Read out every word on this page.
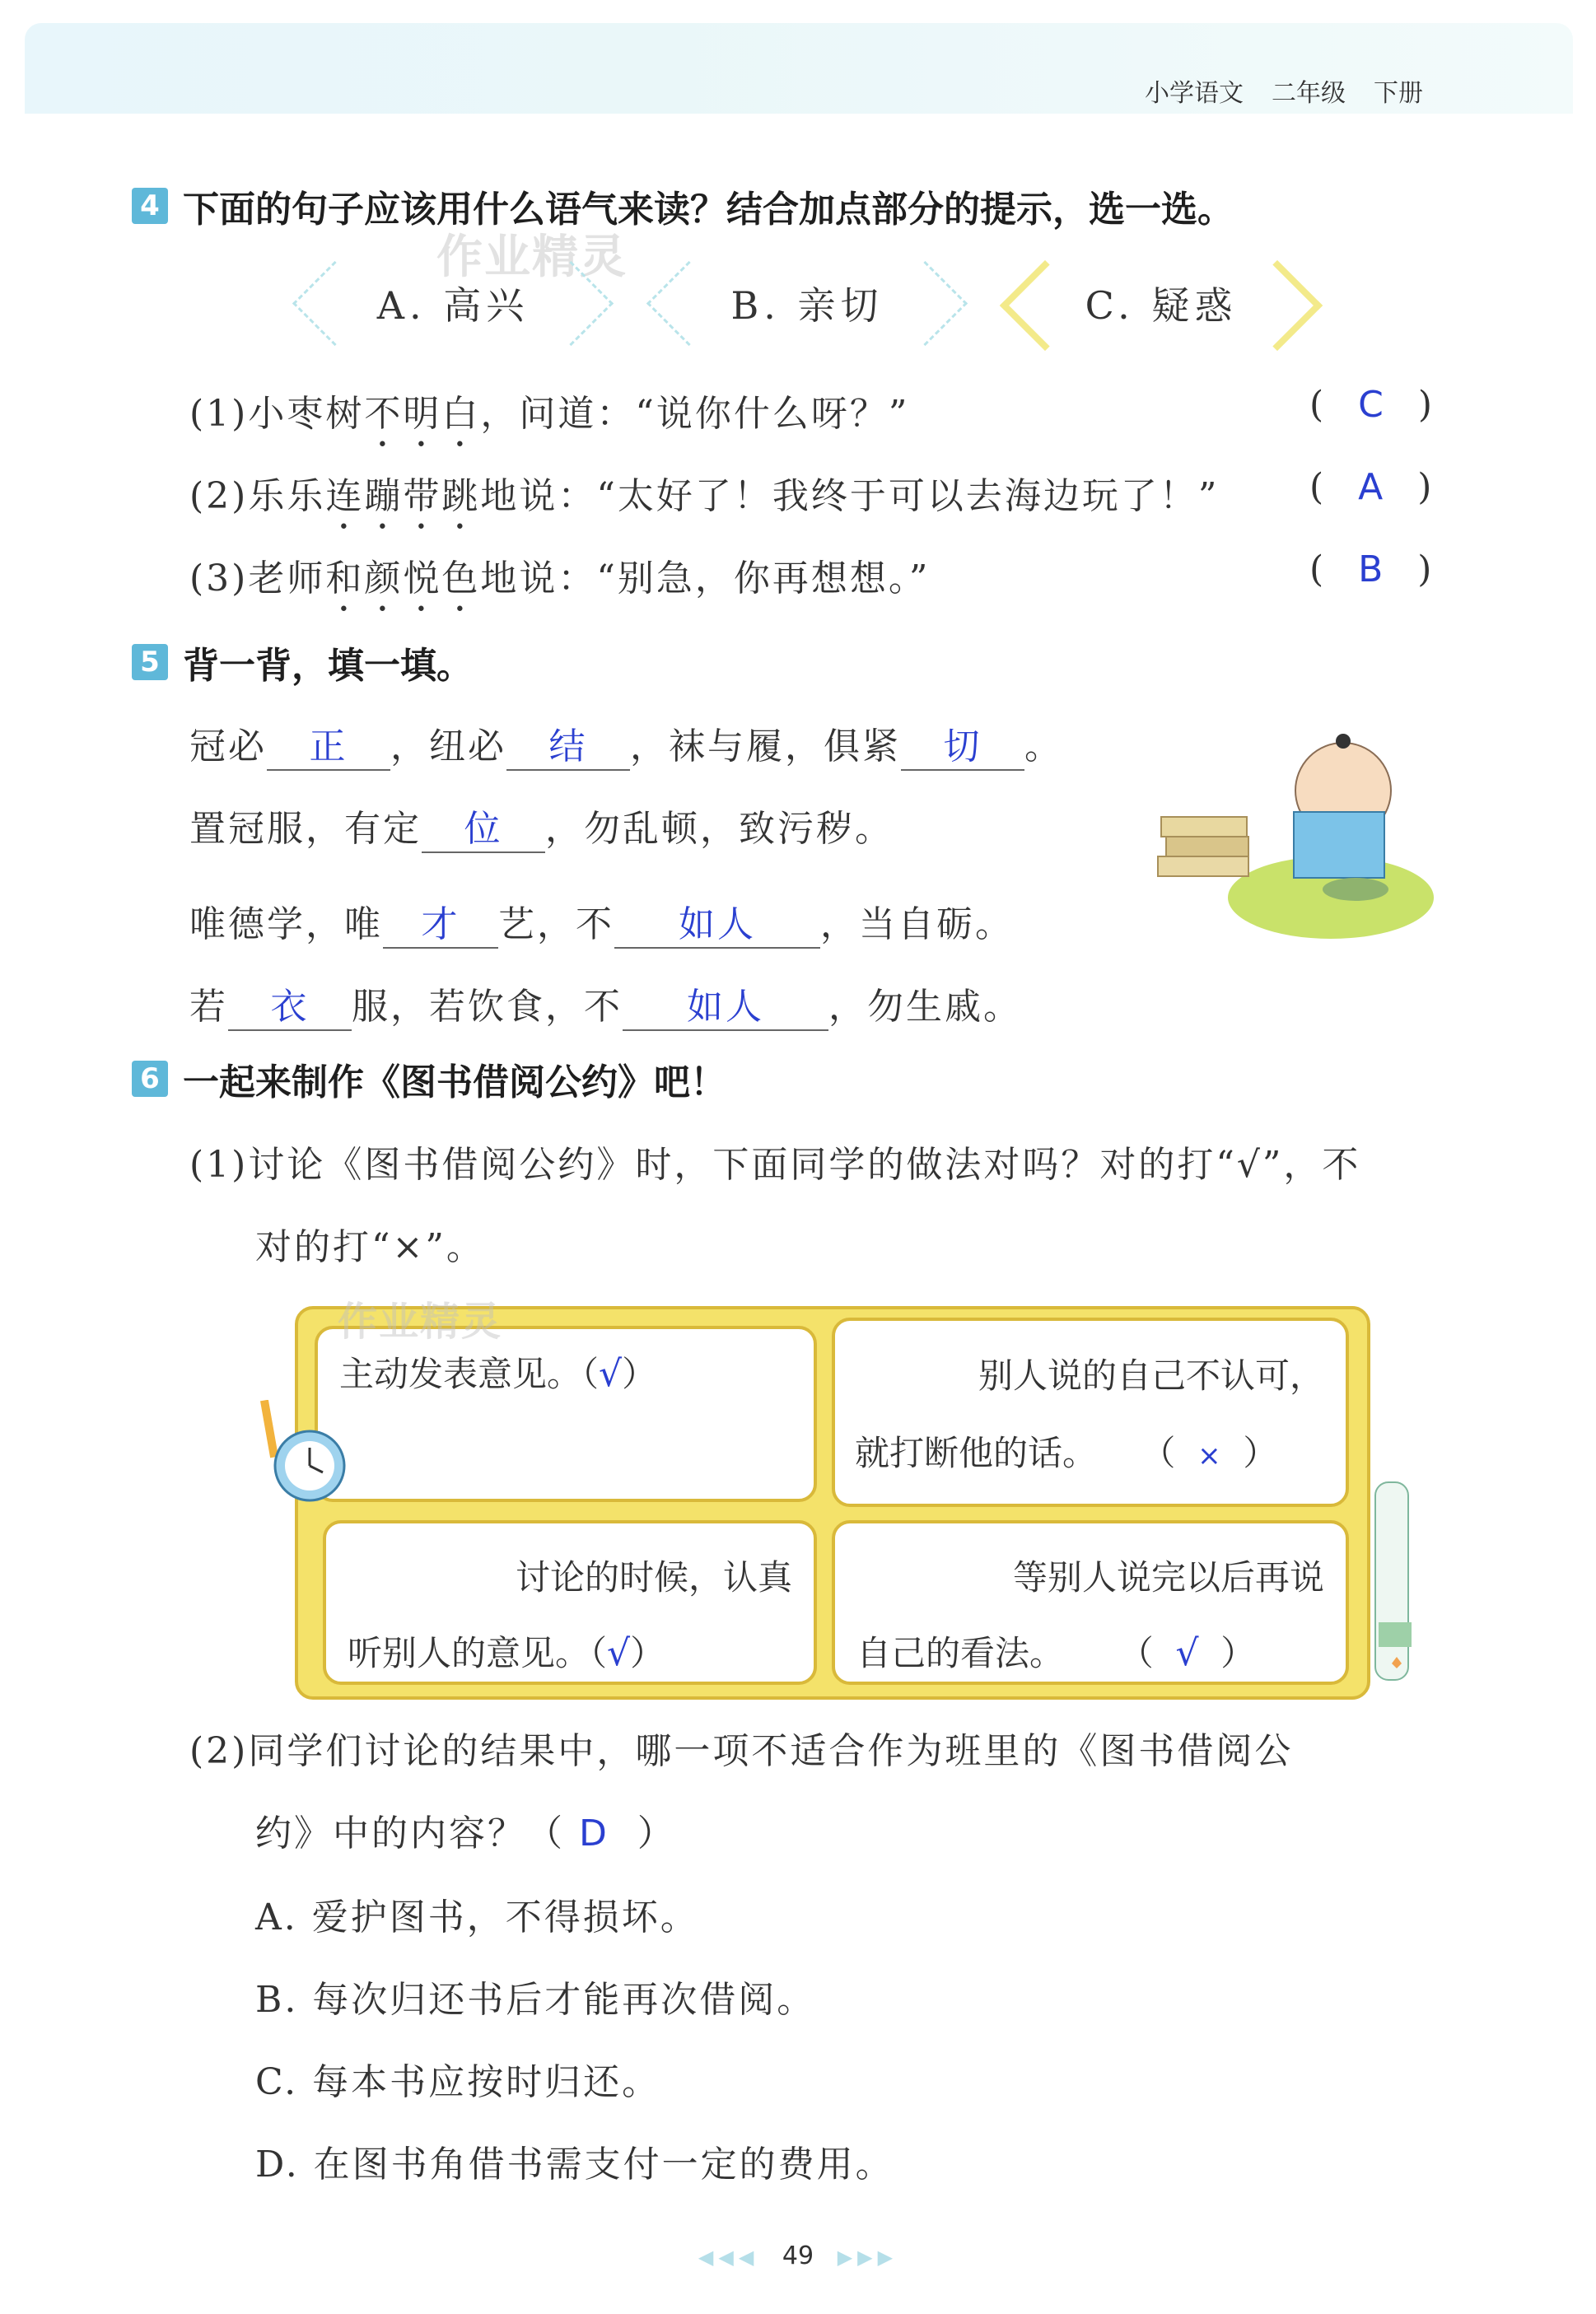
小学语文 二年级 下册
4 下面的句子应该用什么语气来读？结合加点部分的提示，选一选。
作业精灵
A. 高兴	B. 亲切	C. 疑惑
(1)小枣树不明白，问道：“说你什么呀？”	(   C   )
(2)乐乐连蹦带跳地说：“太好了！我终于可以去海边玩了！” (   A   )
(3)老师和颜悦色地说：“别急，你再想想。”	(   B   )
5 背一背，填一填。
冠必 正 ，纽必 结 ，袜与履，俱紧 切 。
置冠服，有定 位 ，勿乱顿，致污秽。
唯德学，唯 才 艺，不 如人 ，当自砺。
若 衣 服，若饮食，不 如人 ，勿生戚。
6 一起来制作《图书借阅公约》吧！
(1)讨论《图书借阅公约》时，下面同学的做法对吗？对的打“√”，不
对的打“×”。
主动发表意见。（√）	别人说的自己不认可，
就打断他的话。    （  ×  ）
讨论的时候，认真
听别人的意见。（√）
等别人说完以后再说
自己的看法。     （  √  ）
作业精灵
(2)同学们讨论的结果中，哪一项不适合作为班里的《图书借阅公
约》中的内容？（ D ）
A. 爱护图书，不得损坏。
B. 每次归还书后才能再次借阅。
C. 每本书应按时归还。
D. 在图书角借书需支付一定的费用。
◀◀◀ 49 ▶▶▶
